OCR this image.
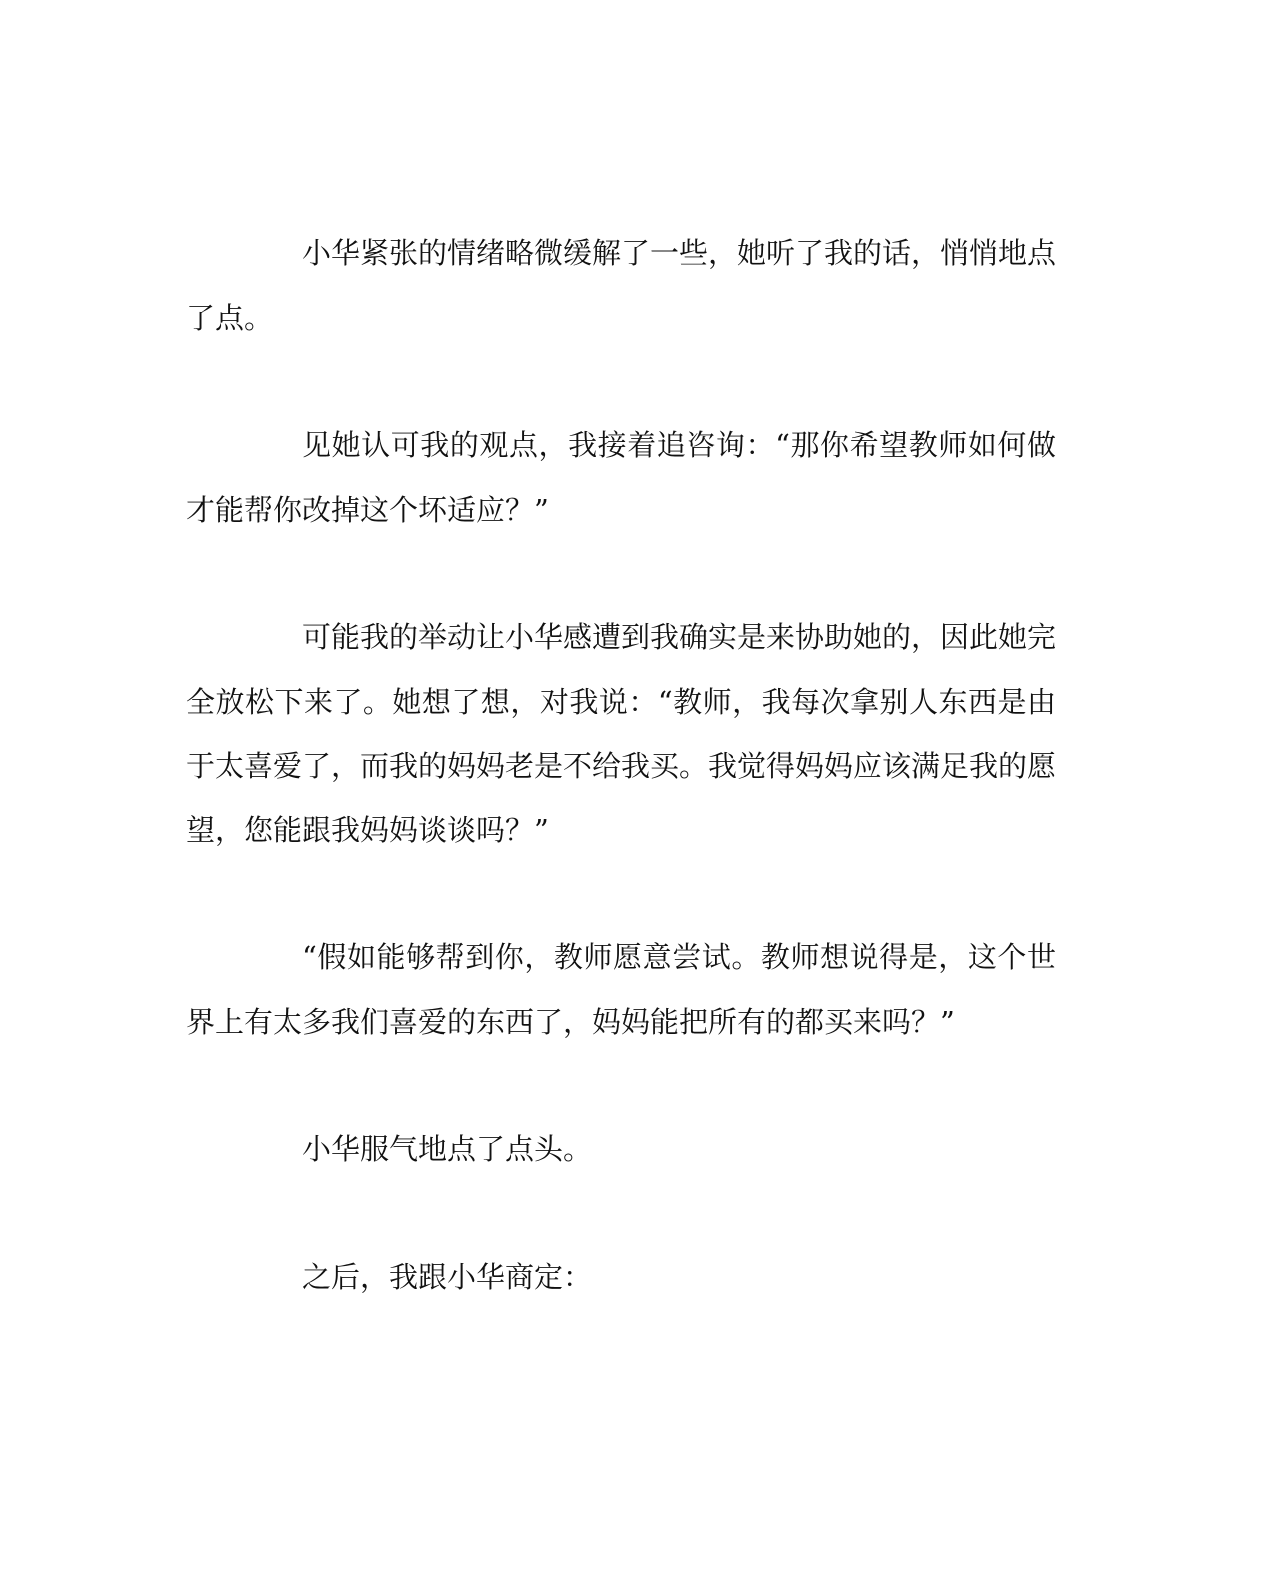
小华紧张的情绪略微缓解了一些，她听了我的话，悄悄地点
了点。
见她认可我的观点，我接着追咨询：“那你希望教师如何做
才能帮你改掉这个坏适应？”
可能我的举动让小华感遭到我确实是来协助她的，因此她完
全放松下来了。她想了想，对我说：“教师，我每次拿别人东西是由
于太喜爱了，而我的妈妈老是不给我买。我觉得妈妈应该满足我的愿
望，您能跟我妈妈谈谈吗？”
“假如能够帮到你，教师愿意尝试。教师想说得是，这个世
界上有太多我们喜爱的东西了，妈妈能把所有的都买来吗？”
小华服气地点了点头。
之后，我跟小华商定：
